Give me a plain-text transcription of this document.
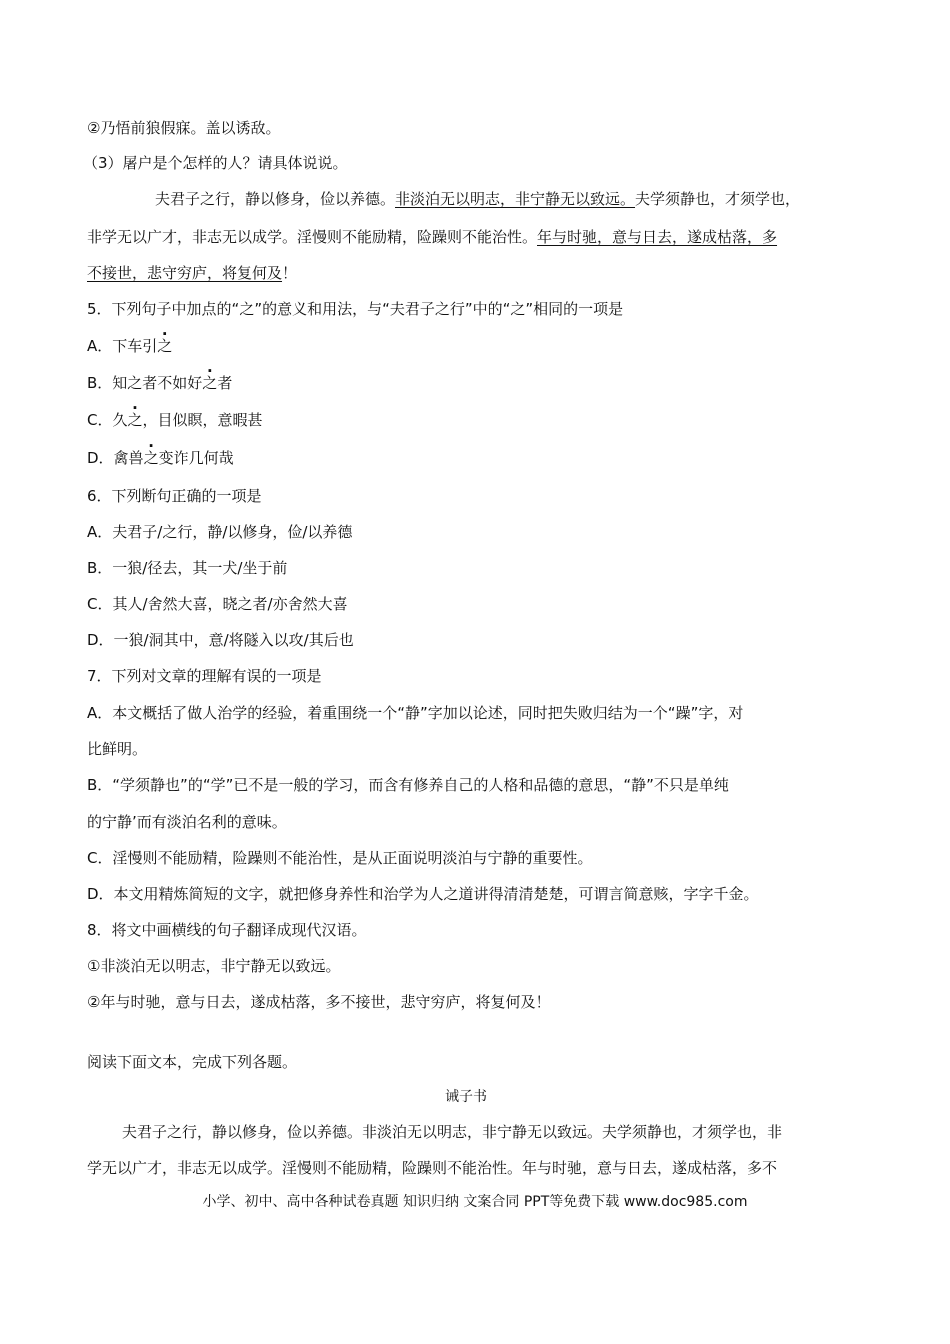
②乃悟前狼假寐。盖以诱敌。
（3）屠户是个怎样的人？请具体说说。
夫君子之行，静以修身，俭以养德。非淡泊无以明志，非宁静无以致远。夫学须静也，才须学也，
非学无以广才，非志无以成学。淫慢则不能励精，险躁则不能治性。年与时驰，意与日去，遂成枯落，多
不接世，悲守穷庐，将复何及！
5．下列句子中加点的“之”的意义和用法，与“夫君子之行”中的“之”相同的一项是
A．下车引之
B．知之者不如好之者
C．久之，目似瞑，意暇甚
D．禽兽之变诈几何哉
6．下列断句正确的一项是
A．夫君子/之行，静/以修身，俭/以养德
B．一狼/径去，其一犬/坐于前
C．其人/舍然大喜，晓之者/亦舍然大喜
D．一狼/洞其中，意/将隧入以攻/其后也
7．下列对文章的理解有误的一项是
A．本文概括了做人治学的经验，着重围绕一个“静”字加以论述，同时把失败归结为一个“躁”字，对
比鲜明。
B．“学须静也”的“学”已不是一般的学习，而含有修养自己的人格和品德的意思，“静”不只是单纯
的宁静’而有淡泊名利的意味。
C．淫慢则不能励精，险躁则不能治性，是从正面说明淡泊与宁静的重要性。
D．本文用精炼简短的文字，就把修身养性和治学为人之道讲得清清楚楚，可谓言简意赅，字字千金。
8．将文中画横线的句子翻译成现代汉语。
①非淡泊无以明志，非宁静无以致远。
②年与时驰，意与日去，遂成枯落，多不接世，悲守穷庐，将复何及！
阅读下面文本，完成下列各题。
诫子书
夫君子之行，静以修身，俭以养德。非淡泊无以明志，非宁静无以致远。夫学须静也，才须学也，非
学无以广才，非志无以成学。淫慢则不能励精，险躁则不能治性。年与时驰，意与日去，遂成枯落，多不
小学、初中、高中各种试卷真题 知识归纳 文案合同 PPT等免费下载 www.doc985.com
